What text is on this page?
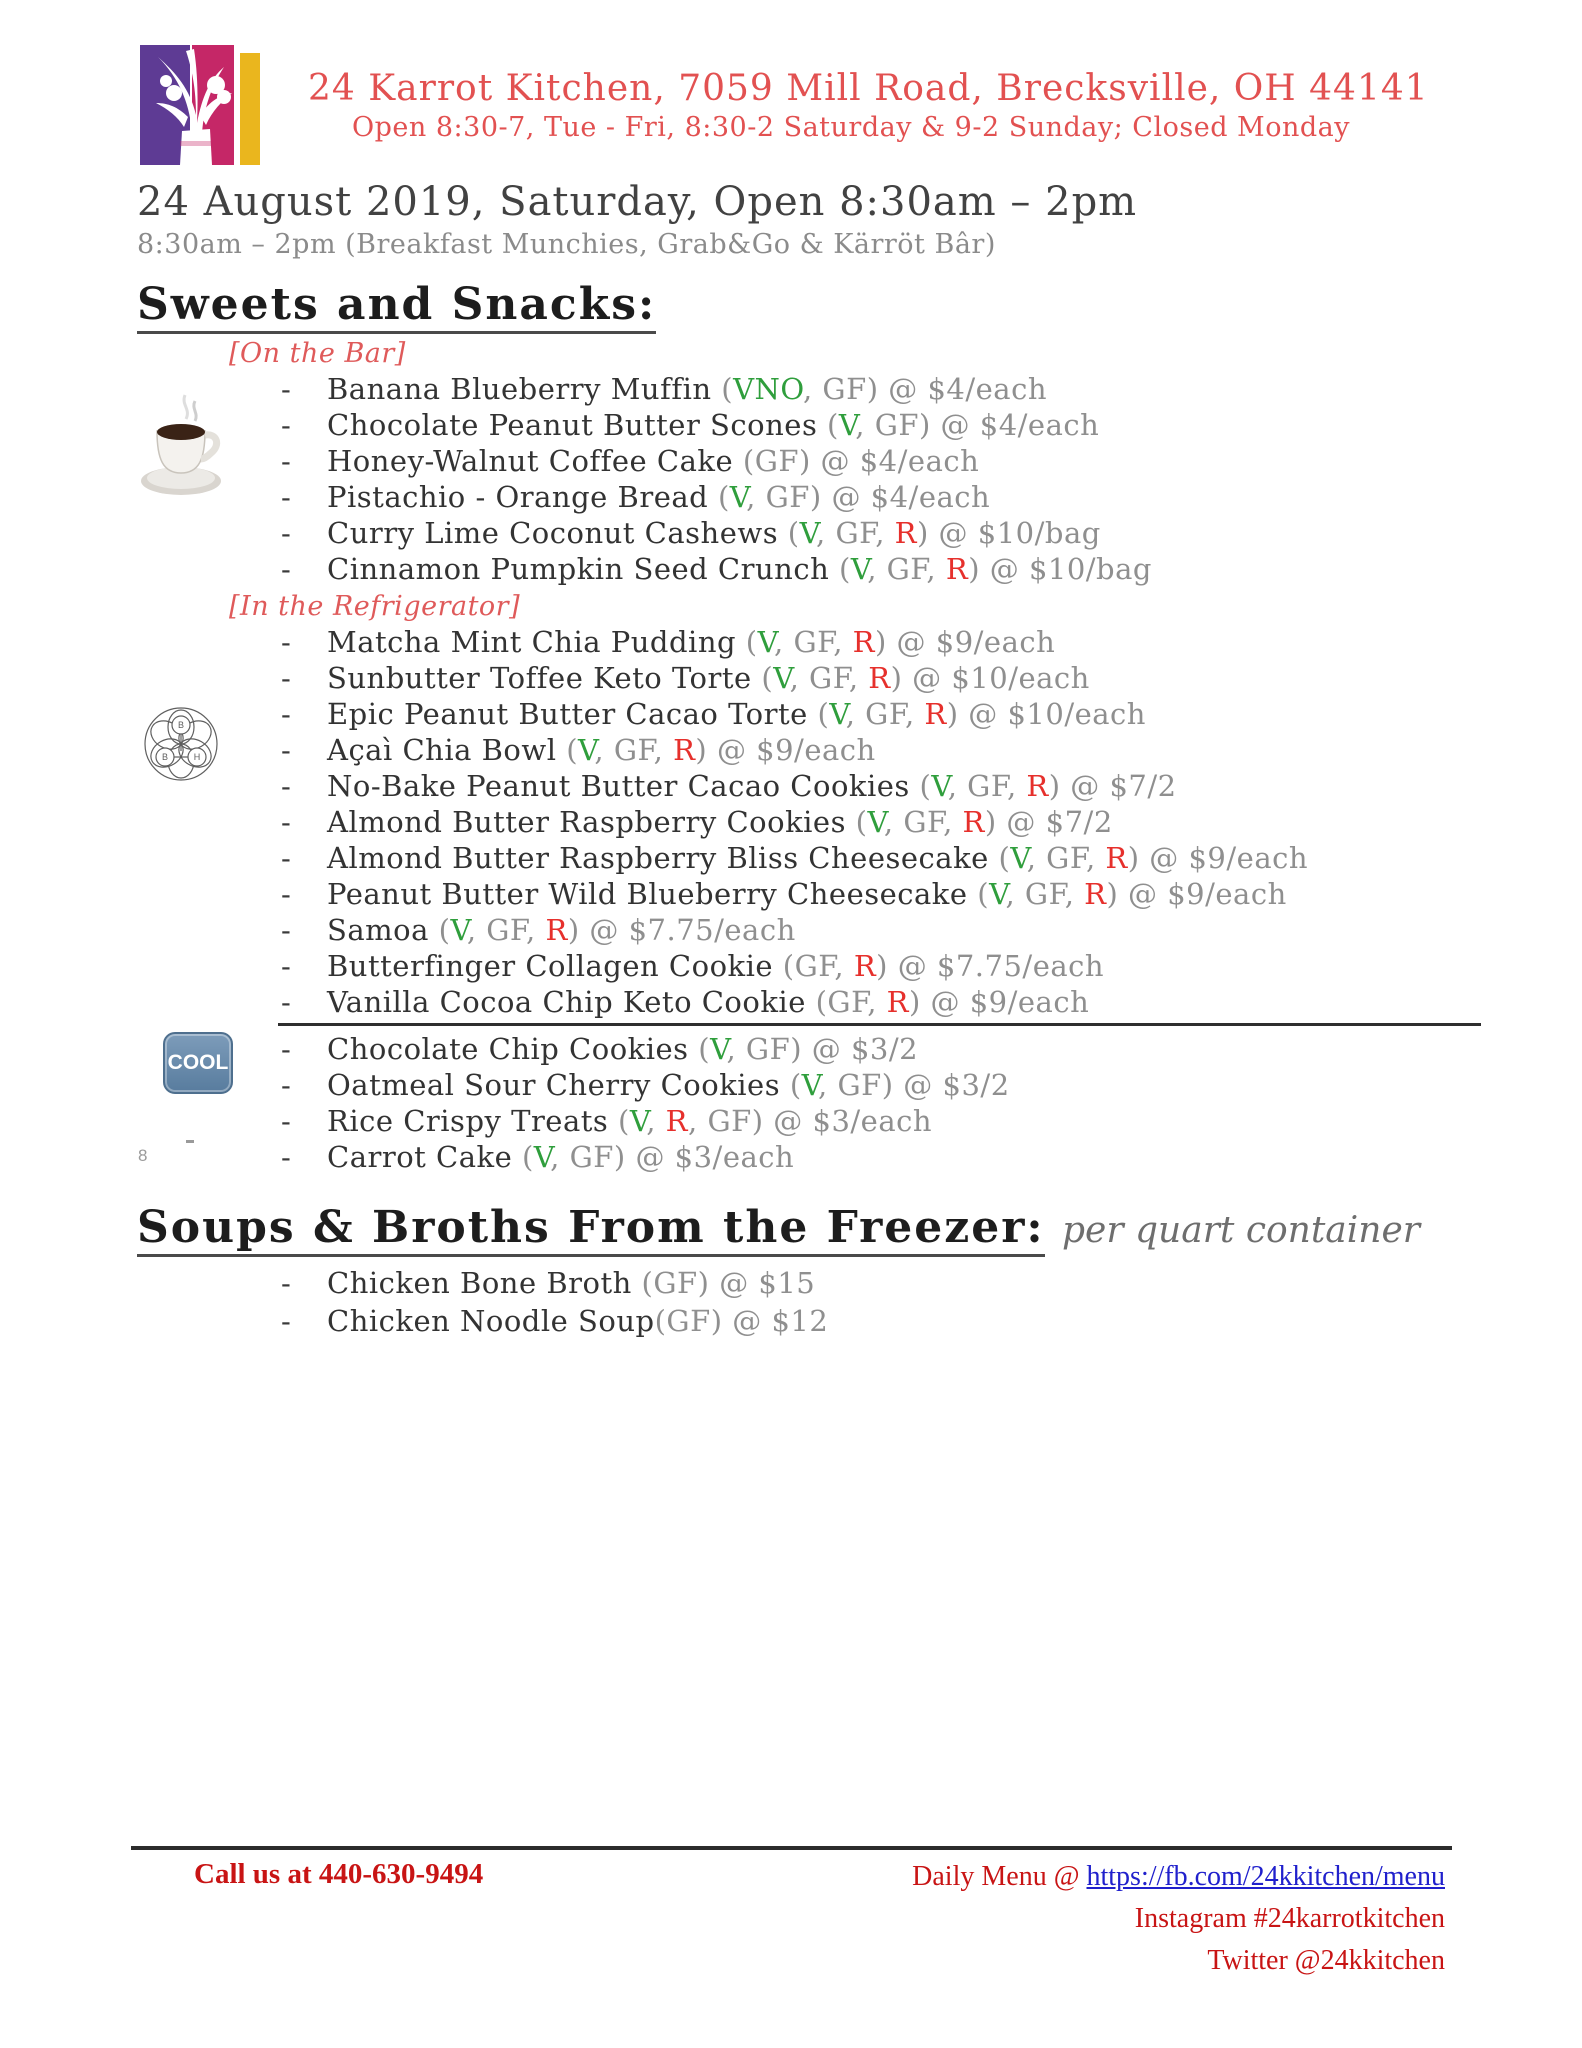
24 Karrot Kitchen, 7059 Mill Road, Brecksville, OH 44141
Open 8:30-7, Tue - Fri, 8:30-2 Saturday & 9-2 Sunday; Closed Monday
24 August 2019, Saturday, Open 8:30am – 2pm
8:30am – 2pm (Breakfast Munchies, Grab&Go & Kärröt Bâr)
Sweets and Snacks:
[On the Bar]
- Banana Blueberry Muffin (VNO, GF) @ $4/each
- Chocolate Peanut Butter Scones (V, GF) @ $4/each
- Honey-Walnut Coffee Cake (GF) @ $4/each
- Pistachio - Orange Bread (V, GF) @ $4/each
- Curry Lime Coconut Cashews (V, GF, R) @ $10/bag
- Cinnamon Pumpkin Seed Crunch (V, GF, R) @ $10/bag
[In the Refrigerator]
- Matcha Mint Chia Pudding (V, GF, R) @ $9/each
- Sunbutter Toffee Keto Torte (V, GF, R) @ $10/each
- Epic Peanut Butter Cacao Torte (V, GF, R) @ $10/each
- Açaì Chia Bowl (V, GF, R) @ $9/each
- No-Bake Peanut Butter Cacao Cookies (V, GF, R) @ $7/2
- Almond Butter Raspberry Cookies (V, GF, R) @ $7/2
- Almond Butter Raspberry Bliss Cheesecake (V, GF, R) @ $9/each
- Peanut Butter Wild Blueberry Cheesecake (V, GF, R) @ $9/each
- Samoa (V, GF, R) @ $7.75/each
- Butterfinger Collagen Cookie (GF, R) @ $7.75/each
- Vanilla Cocoa Chip Keto Cookie (GF, R) @ $9/each
- Chocolate Chip Cookies (V, GF) @ $3/2
- Oatmeal Sour Cherry Cookies (V, GF) @ $3/2
- Rice Crispy Treats (V, R, GF) @ $3/each
- Carrot Cake (V, GF) @ $3/each
Soups & Broths From the Freezer: per quart container
- Chicken Bone Broth (GF) @ $15
- Chicken Noodle Soup(GF) @ $12
B
B	H
COOL
8
Call us at 440-630-9494	Daily Menu @ https://fb.com/24kkitchen/menu
Instagram #24karrotkitchen
Twitter @24kkitchen
